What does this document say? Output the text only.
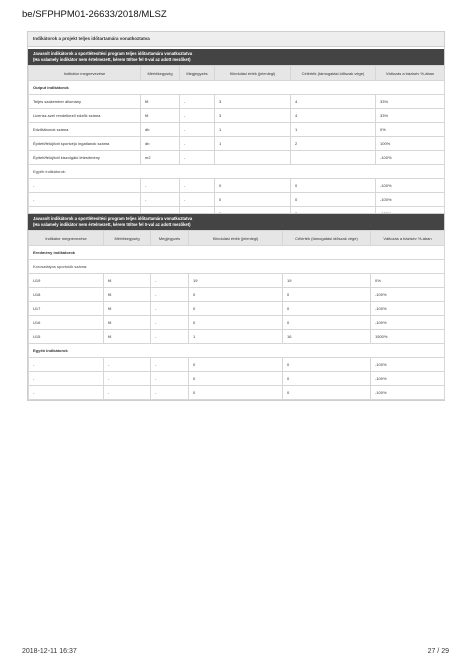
be/SFPHPM01-26633/2018/MLSZ
Indikátorok a projekt teljes időtartamára vonatkoztatva
Javasolt indikátorok a sportlétesítési program teljes időtartamára vonatkoztatva
(Ha valamely indikátor nem értelmezett, kérem töltse fel 0-val az adott mezőket)
Indikátor megnevezése	Mértékegység	Megjegyzés	Kiindulási érték (jelenlegi)	Célérték (támogatási időszak vége)	Változás a bázisév %-ában
Output indikátorok					
Teljes szakember állomány	fő	-	3	4	33%
Licensz-szel rendelkező edzők száma	fő	-	3	4	33%
Edzőtáborok száma	db	-	1	1	0%
Épített/felújított sportcéjú ingatlanok száma	db	-	1	2	100%
Épített/felújított kiszolgáló létesítmény	m2	-			-100%
Egyéb indikátorok:					
-	-	-	0	0	-100%
-	-	-	0	0	-100%

Javasolt indikátorok a sportlétesítési program teljes időtartamára vonatkoztatva
(Ha valamely indikátor nem értelmezett, kérem töltse fel 0-val az adott mezőket)
Indikátor megnevezése	Mértékegység	Megjegyzés	Kiindulási érték (jelenlegi)	Célérték (támogatási időszak vége)	Változás a bázisév %-ában
Eredmény indikátorok					
Korosztályos sportolók száma:					
U19	fő	-	19	19	0%
U18	fő	-	0	0	-100%
U17	fő	-	0	0	-100%
U16	fő	-	0	0	-100%
U15	fő	-	1	16	1500%
Egyéb indikátorok					
-	-	-	0	0	-100%
-	-	-	0	0	-100%
-	-	-	0	0	-100%
2018-12-11 16:37	27 / 29
